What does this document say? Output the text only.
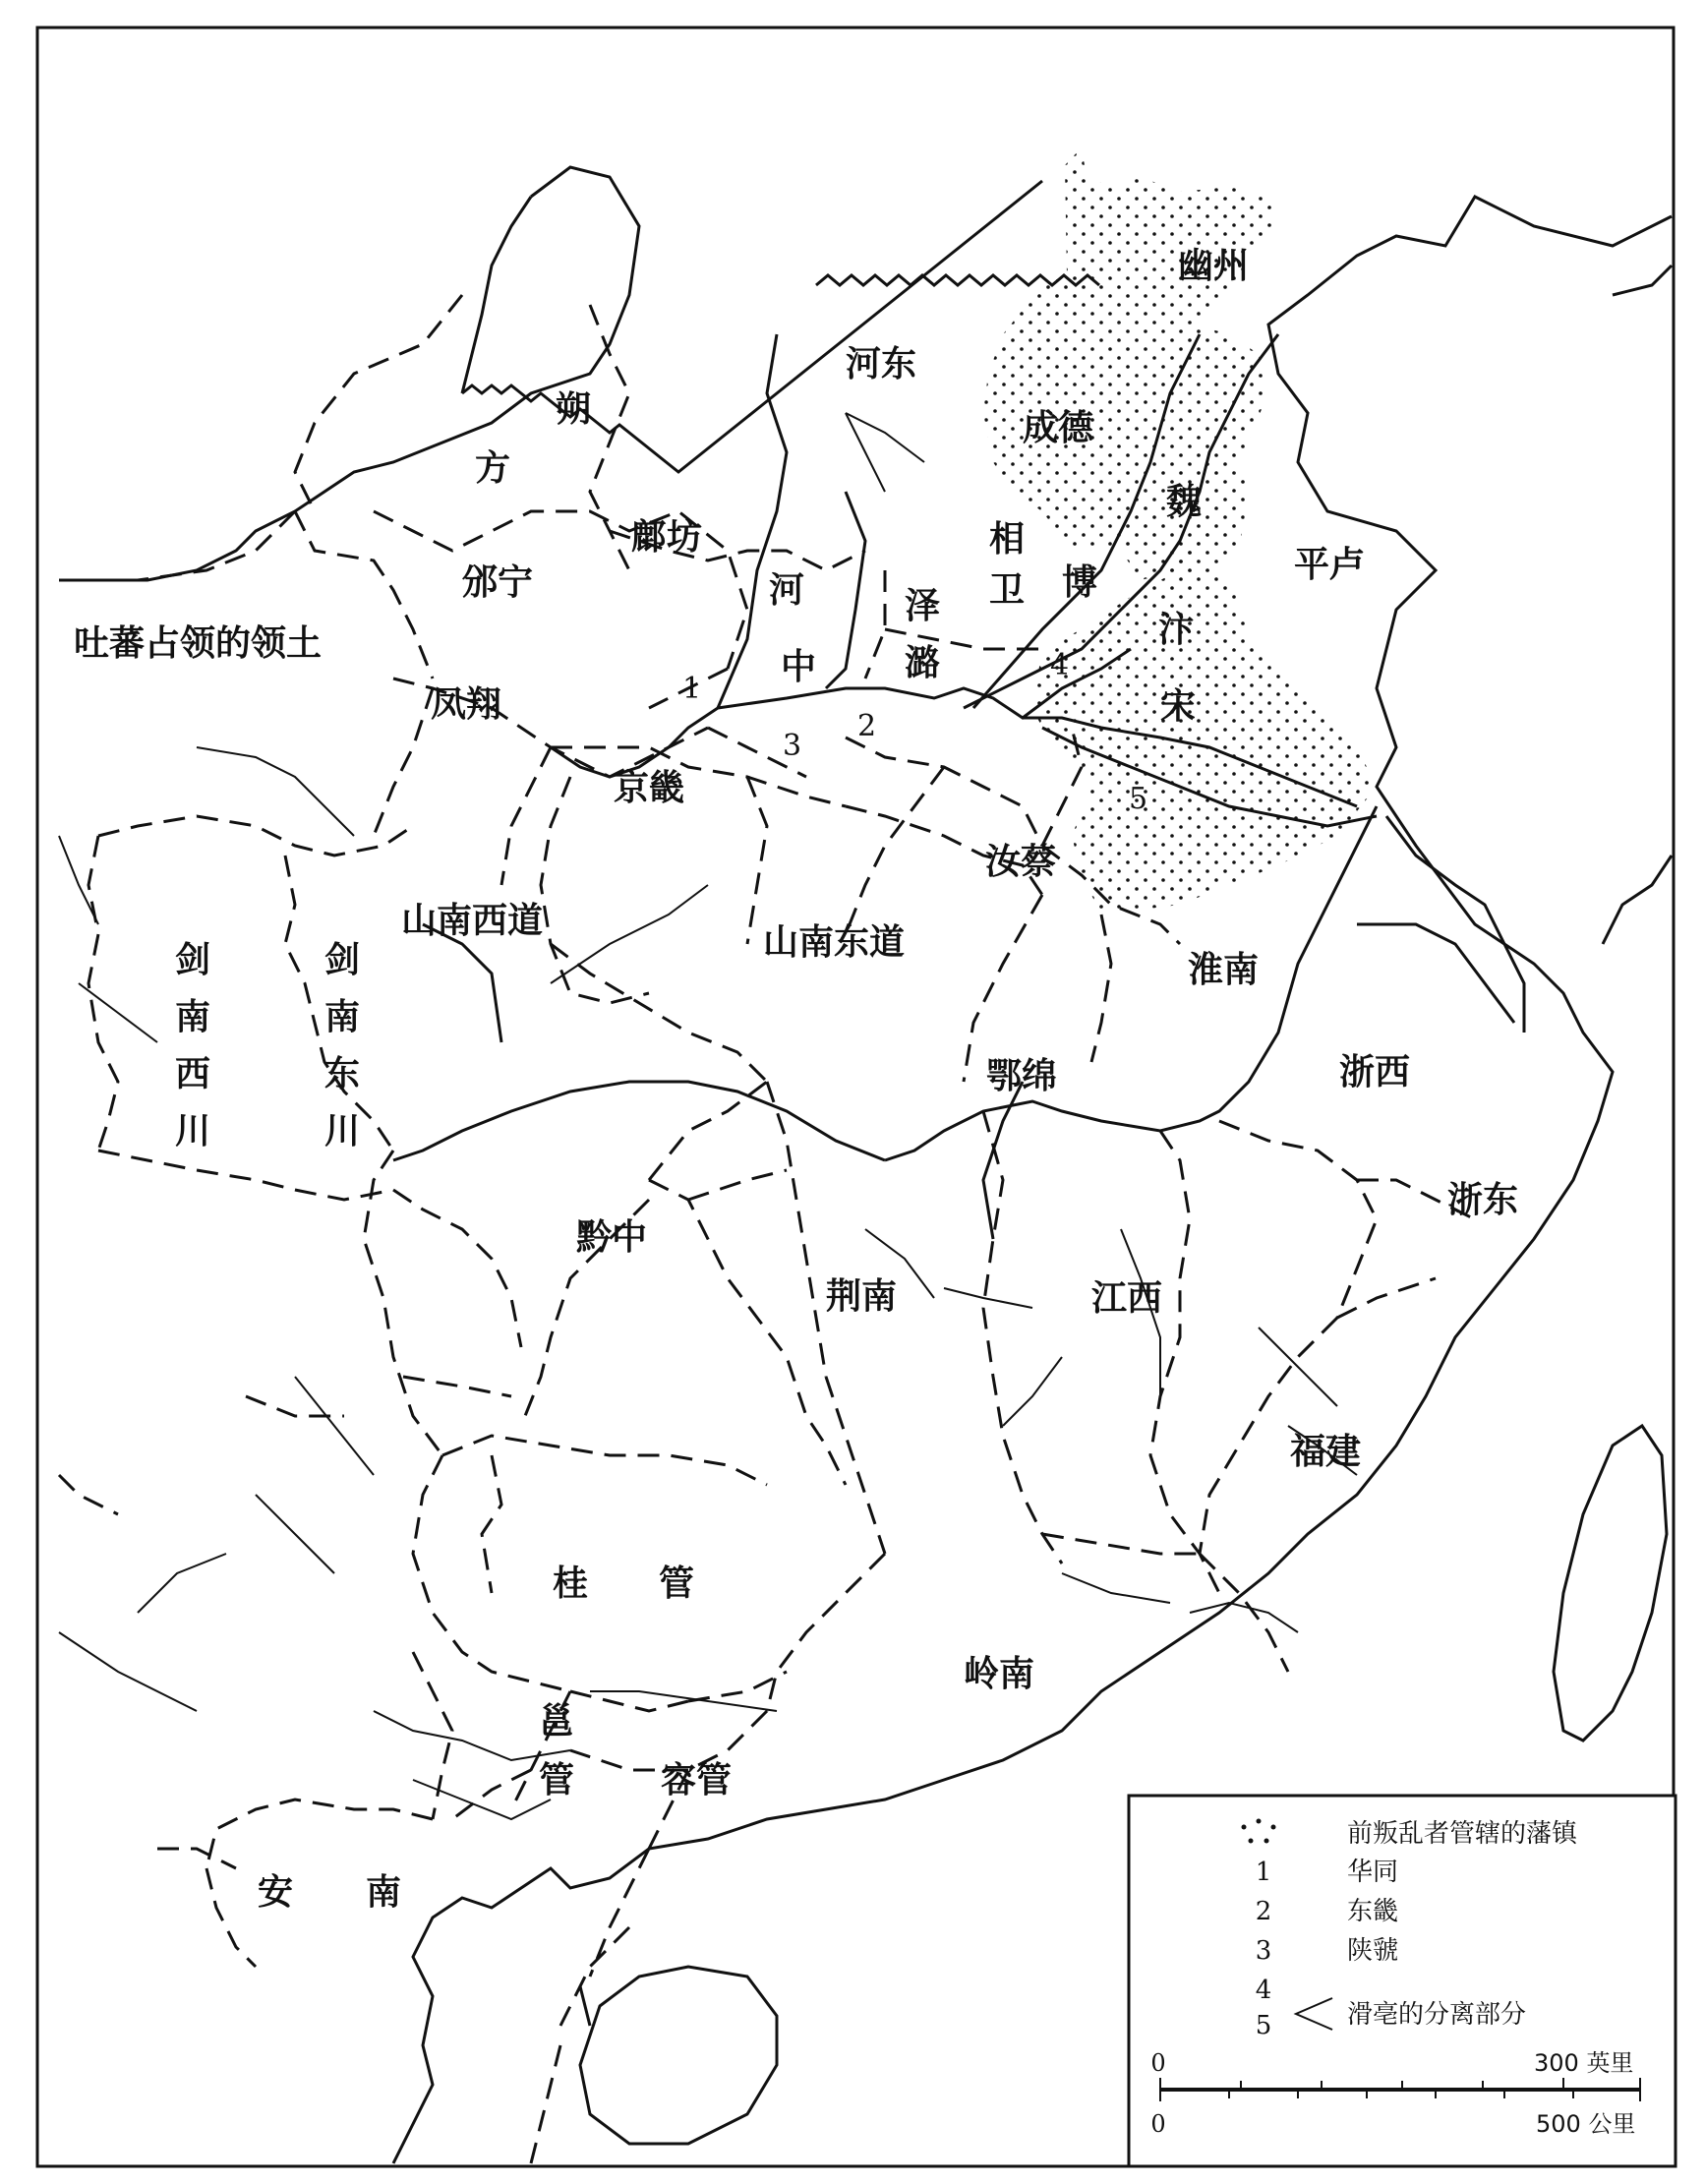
前叛乱者管辖的藩镇
1	华同
2	东畿
3	陕虢
4
5	滑亳的分离部分
0	300 英里
0	500 公里
朔
方
邠宁
鄜坊
河东
幽州
成德
魏
平卢
吐蕃占领的领土
凤翔
河
中
泽
潞
相
卫 博
汴
宋
京畿
汝蔡
山南西道
山南东道
剑
南
西
川
剑
南
东
川
淮南
浙西
鄂绵
浙东
黔中
荆南	江西
福建
桂 管
岭南
邕
管 容管
安 南
1
2
3
4
5
